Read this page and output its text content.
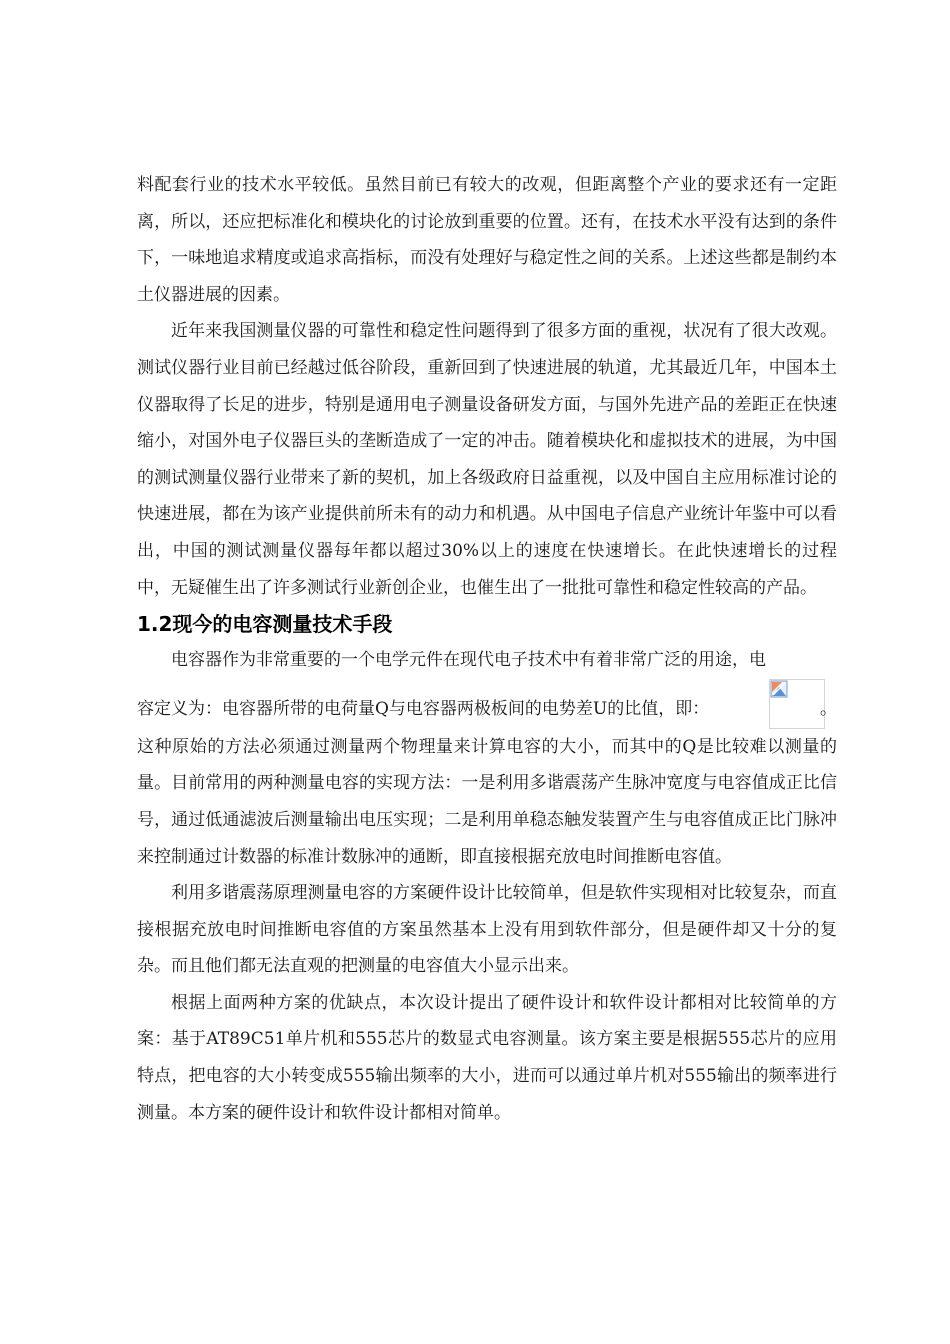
料配套行业的技术水平较低。虽然目前已有较大的改观，但距离整个产业的要求还有一定距离，所以，还应把标准化和模块化的讨论放到重要的位置。还有，在技术水平没有达到的条件下，一味地追求精度或追求高指标，而没有处理好与稳定性之间的关系。上述这些都是制约本土仪器进展的因素。

近年来我国测量仪器的可靠性和稳定性问题得到了很多方面的重视，状况有了很大改观。测试仪器行业目前已经越过低谷阶段，重新回到了快速进展的轨道，尤其最近几年，中国本土仪器取得了长足的进步，特别是通用电子测量设备研发方面，与国外先进产品的差距正在快速缩小，对国外电子仪器巨头的垄断造成了一定的冲击。随着模块化和虚拟技术的进展，为中国的测试测量仪器行业带来了新的契机，加上各级政府日益重视，以及中国自主应用标准讨论的快速进展，都在为该产业提供前所未有的动力和机遇。从中国电子信息产业统计年鉴中可以看出，中国的测试测量仪器每年都以超过30%以上的速度在快速增长。在此快速增长的过程中，无疑催生出了许多测试行业新创企业，也催生出了一批批可靠性和稳定性较高的产品。

1.2现今的电容测量技术手段

电容器作为非常重要的一个电学元件在现代电子技术中有着非常广泛的用途，电

容定义为：电容器所带的电荷量Q与电容器两极板间的电势差U的比值，即：	。

这种原始的方法必须通过测量两个物理量来计算电容的大小，而其中的Q是比较难以测量的量。目前常用的两种测量电容的实现方法：一是利用多谐震荡产生脉冲宽度与电容值成正比信号，通过低通滤波后测量输出电压实现；二是利用单稳态触发装置产生与电容值成正比门脉冲来控制通过计数器的标准计数脉冲的通断，即直接根据充放电时间推断电容值。

利用多谐震荡原理测量电容的方案硬件设计比较简单，但是软件实现相对比较复杂，而直接根据充放电时间推断电容值的方案虽然基本上没有用到软件部分，但是硬件却又十分的复杂。而且他们都无法直观的把测量的电容值大小显示出来。

根据上面两种方案的优缺点，本次设计提出了硬件设计和软件设计都相对比较简单的方案：基于AT89C51单片机和555芯片的数显式电容测量。该方案主要是根据555芯片的应用特点，把电容的大小转变成555输出频率的大小，进而可以通过单片机对555输出的频率进行测量。本方案的硬件设计和软件设计都相对简单。
